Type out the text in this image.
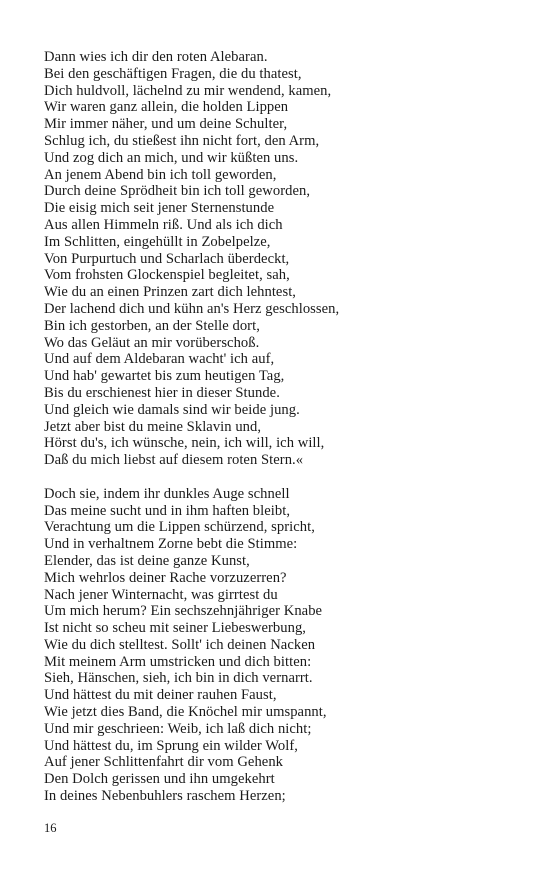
Dann wies ich dir den roten Alebaran.
Bei den geschäftigen Fragen, die du thatest,
Dich huldvoll, lächelnd zu mir wendend, kamen,
Wir waren ganz allein, die holden Lippen
Mir immer näher, und um deine Schulter,
Schlug ich, du stießest ihn nicht fort, den Arm,
Und zog dich an mich, und wir küßten uns.
An jenem Abend bin ich toll geworden,
Durch deine Sprödheit bin ich toll geworden,
Die eisig mich seit jener Sternenstunde
Aus allen Himmeln riß. Und als ich dich
Im Schlitten, eingehüllt in Zobelpelze,
Von Purpurtuch und Scharlach überdeckt,
Vom frohsten Glockenspiel begleitet, sah,
Wie du an einen Prinzen zart dich lehntest,
Der lachend dich und kühn an's Herz geschlossen,
Bin ich gestorben, an der Stelle dort,
Wo das Geläut an mir vorüberschoß.
Und auf dem Aldebaran wacht' ich auf,
Und hab' gewartet bis zum heutigen Tag,
Bis du erschienest hier in dieser Stunde.
Und gleich wie damals sind wir beide jung.
Jetzt aber bist du meine Sklavin und,
Hörst du's, ich wünsche, nein, ich will, ich will,
Daß du mich liebst auf diesem roten Stern.«
Doch sie, indem ihr dunkles Auge schnell
Das meine sucht und in ihm haften bleibt,
Verachtung um die Lippen schürzend, spricht,
Und in verhaltnem Zorne bebt die Stimme:
Elender, das ist deine ganze Kunst,
Mich wehrlos deiner Rache vorzuzerren?
Nach jener Winternacht, was girrtest du
Um mich herum? Ein sechszehnjähriger Knabe
Ist nicht so scheu mit seiner Liebeswerbung,
Wie du dich stelltest. Sollt' ich deinen Nacken
Mit meinem Arm umstricken und dich bitten:
Sieh, Hänschen, sieh, ich bin in dich vernarrt.
Und hättest du mit deiner rauhen Faust,
Wie jetzt dies Band, die Knöchel mir umspannt,
Und mir geschrieen: Weib, ich laß dich nicht;
Und hättest du, im Sprung ein wilder Wolf,
Auf jener Schlittenfahrt dir vom Gehenk
Den Dolch gerissen und ihn umgekehrt
In deines Nebenbuhlers raschem Herzen;
16
